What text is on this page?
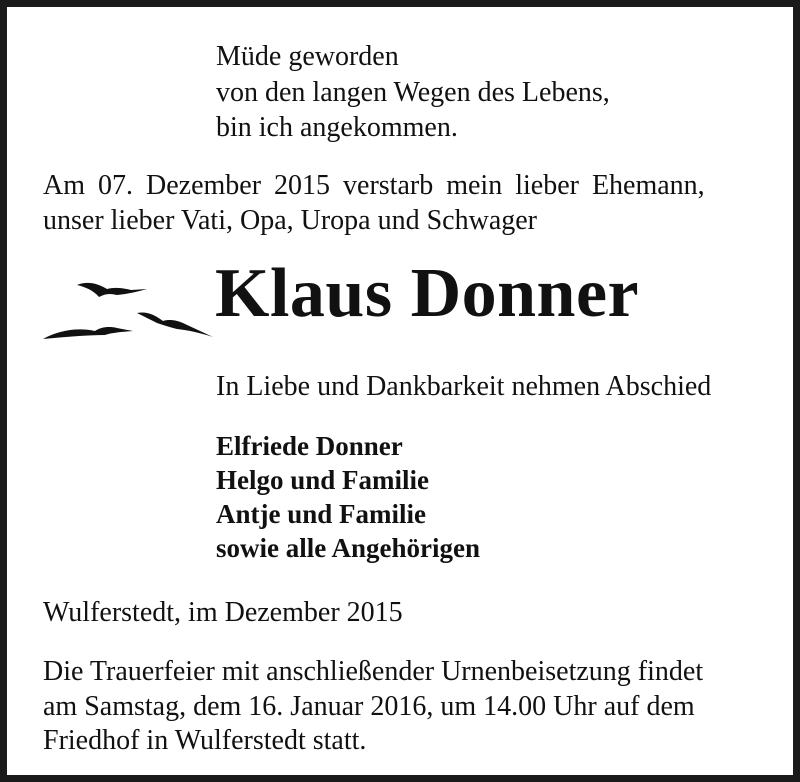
Müde geworden
von den langen Wegen des Lebens,
bin ich angekommen.
Am 07. Dezember 2015 verstarb mein lieber Ehemann,
unser lieber Vati, Opa, Uropa und Schwager
Klaus Donner
In Liebe und Dankbarkeit nehmen Abschied
Elfriede Donner
Helgo und Familie
Antje und Familie
sowie alle Angehörigen
Wulferstedt, im Dezember 2015
Die Trauerfeier mit anschließender Urnenbeisetzung findet
am Samstag, dem 16. Januar 2016, um 14.00 Uhr auf dem
Friedhof in Wulferstedt statt.
